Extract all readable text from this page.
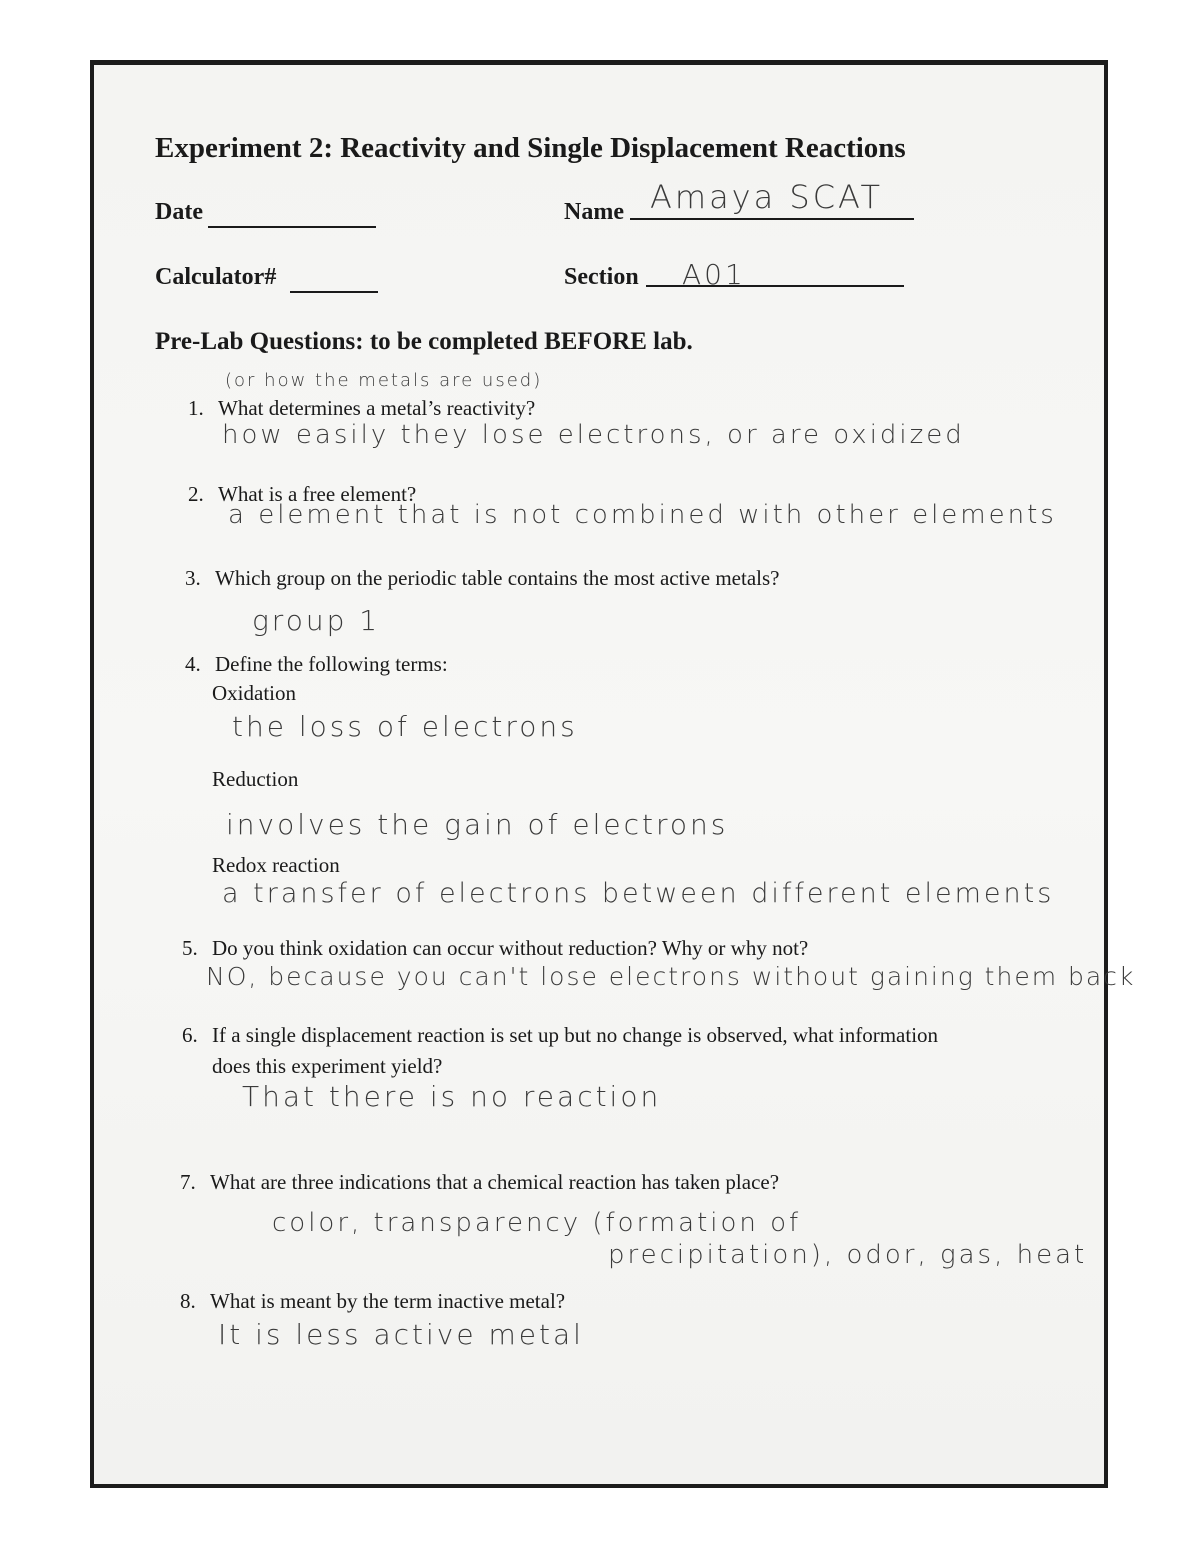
Experiment 2: Reactivity and Single Displacement Reactions
Date	Name Amaya SCAT
Calculator#	Section A01
Pre-Lab Questions: to be completed BEFORE lab.
(or how the metals are used)
1. What determines a metal’s reactivity?
how easily they lose electrons, or are oxidized
2. What is a free element?
a element that is not combined with other elements
3. Which group on the periodic table contains the most active metals?
group 1
4. Define the following terms:
Oxidation
the loss of electrons
Reduction
involves the gain of electrons
Redox reaction
a transfer of electrons between different elements
5. Do you think oxidation can occur without reduction? Why or why not?
NO, because you can't lose electrons without gaining them back
6. If a single displacement reaction is set up but no change is observed, what information
does this experiment yield?
That there is no reaction
7. What are three indications that a chemical reaction has taken place?
color, transparency (formation of
precipitation), odor, gas, heat
8. What is meant by the term inactive metal?
It is less active metal
